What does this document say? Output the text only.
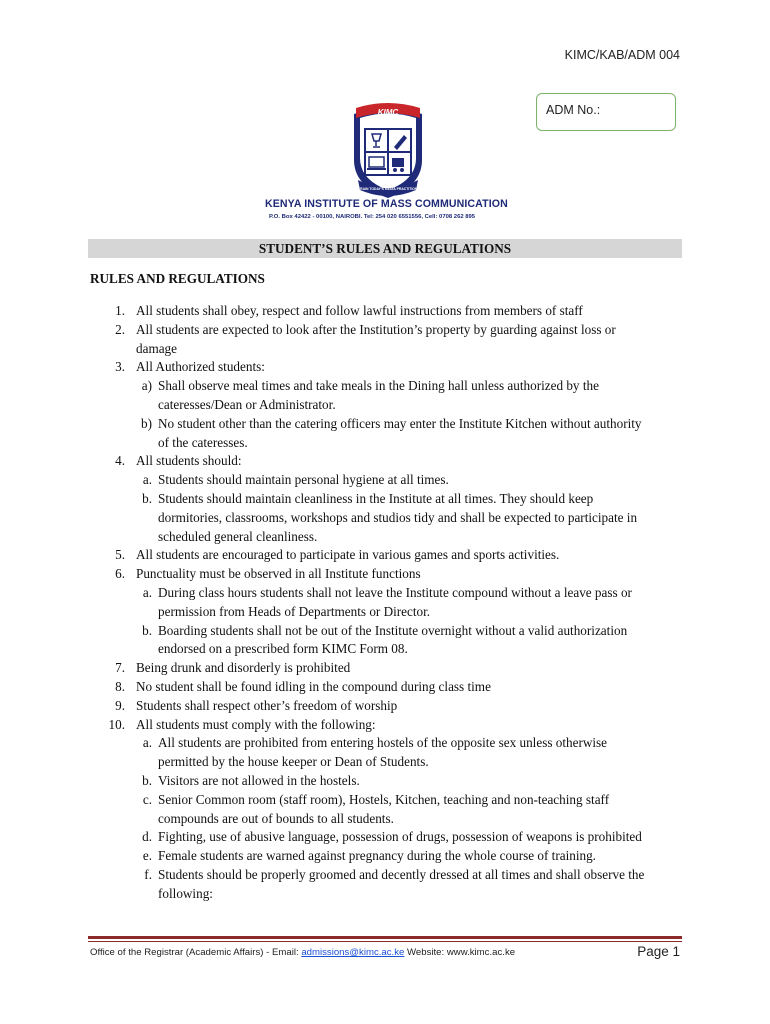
KIMC/KAB/ADM 004
ADM No.:
KIMC
WE TRAIN TODAY'S MEDIA PRACTITIONERS
KENYA INSTITUTE OF MASS COMMUNICATION
P.O. Box 42422 - 00100, NAIROBI. Tel: 254 020 6551556, Cell: 0708 262 895
STUDENT’S RULES AND REGULATIONS
RULES AND REGULATIONS
1. All students shall obey, respect and follow lawful instructions from members of staff
2. All students are expected to look after the Institution’s property by guarding against loss or
damage
3. All Authorized students:
a) Shall observe meal times and take meals in the Dining hall unless authorized by the
cateresses/Dean or Administrator.
b) No student other than the catering officers may enter the Institute Kitchen without authority
of the cateresses.
4. All students should:
a. Students should maintain personal hygiene at all times.
b. Students should maintain cleanliness in the Institute at all times. They should keep
dormitories, classrooms, workshops and studios tidy and shall be expected to participate in
scheduled general cleanliness.
5. All students are encouraged to participate in various games and sports activities.
6. Punctuality must be observed in all Institute functions
a. During class hours students shall not leave the Institute compound without a leave pass or
permission from Heads of Departments or Director.
b. Boarding students shall not be out of the Institute overnight without a valid authorization
endorsed on a prescribed form KIMC Form 08.
7. Being drunk and disorderly is prohibited
8. No student shall be found idling in the compound during class time
9. Students shall respect other’s freedom of worship
10. All students must comply with the following:
a. All students are prohibited from entering hostels of the opposite sex unless otherwise
permitted by the house keeper or Dean of Students.
b. Visitors are not allowed in the hostels.
c. Senior Common room (staff room), Hostels, Kitchen, teaching and non-teaching staff
compounds are out of bounds to all students.
d. Fighting, use of abusive language, possession of drugs, possession of weapons is prohibited
e. Female students are warned against pregnancy during the whole course of training.
f. Students should be properly groomed and decently dressed at all times and shall observe the
following:
Office of the Registrar (Academic Affairs) - Email: admissions@kimc.ac.ke Website: www.kimc.ac.ke	Page 1
